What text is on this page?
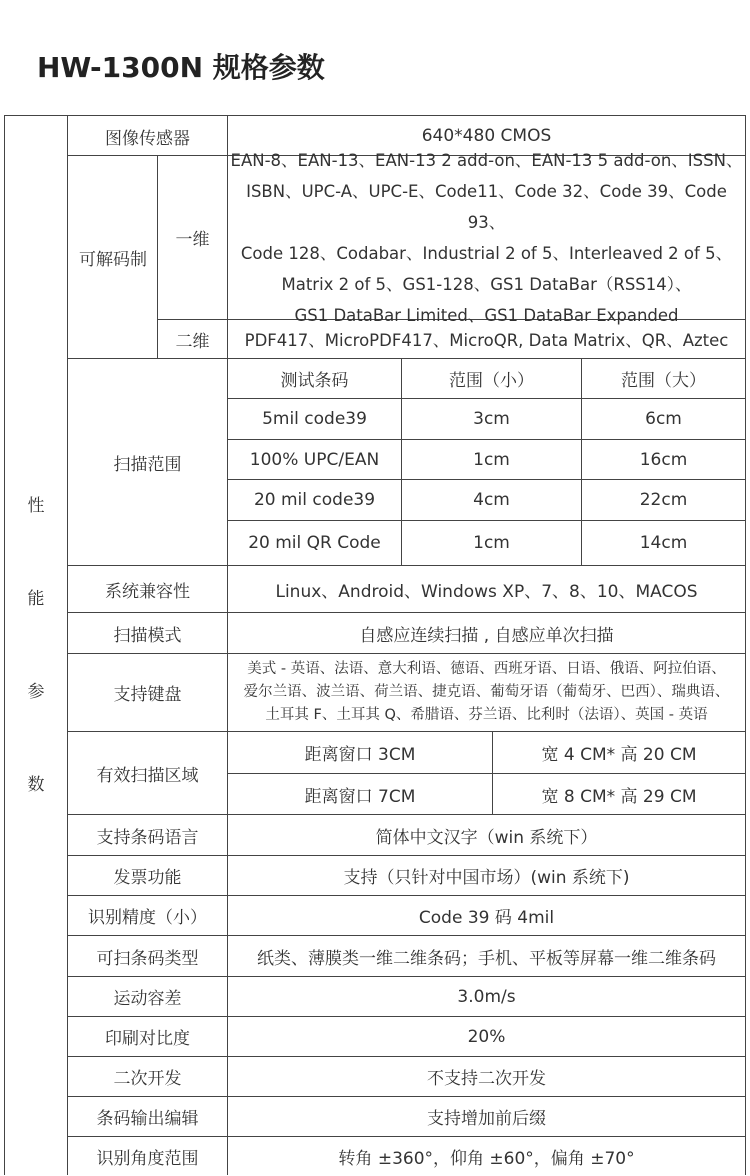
HW-1300N 规格参数
性
能
参
数
图像传感器	640*480 CMOS
可解码制
一维
EAN-8、EAN-13、EAN-13 2 add-on、EAN-13 5 add-on、ISSN、
ISBN、UPC-A、UPC-E、Code11、Code 32、Code 39、Code 93、
Code 128、Codabar、Industrial 2 of 5、Interleaved 2 of 5、
Matrix 2 of 5、GS1-128、GS1 DataBar（RSS14）、
GS1 DataBar Limited、GS1 DataBar Expanded
二维	PDF417、MicroPDF417、MicroQR, Data Matrix、QR、Aztec
扫描范围
测试条码	范围（小）	范围（大）
5mil code39	3cm	6cm
100% UPC/EAN	1cm	16cm
20 mil code39	4cm	22cm
20 mil QR Code	1cm	14cm
系统兼容性	Linux、Android、Windows XP、7、8、10、MACOS
扫描模式	自感应连续扫描 , 自感应单次扫描
支持键盘
美式 - 英语、法语、意大利语、德语、西班牙语、日语、俄语、阿拉伯语、
爱尔兰语、波兰语、荷兰语、捷克语、葡萄牙语（葡萄牙、巴西）、瑞典语、
土耳其 F、土耳其 Q、希腊语、芬兰语、比利时（法语）、英国 - 英语
有效扫描区域
距离窗口 3CM	宽 4 CM* 高 20 CM
距离窗口 7CM	宽 8 CM* 高 29 CM
支持条码语言	简体中文汉字（win 系统下）
发票功能	支持（只针对中国市场）(win 系统下)
识别精度（小）	Code 39 码 4mil
可扫条码类型	纸类、薄膜类一维二维条码；手机、平板等屏幕一维二维条码
运动容差	3.0m/s
印刷对比度	20%
二次开发	不支持二次开发
条码输出编辑	支持增加前后缀
识别角度范围	转角 ±360°，仰角 ±60°，偏角 ±70°
